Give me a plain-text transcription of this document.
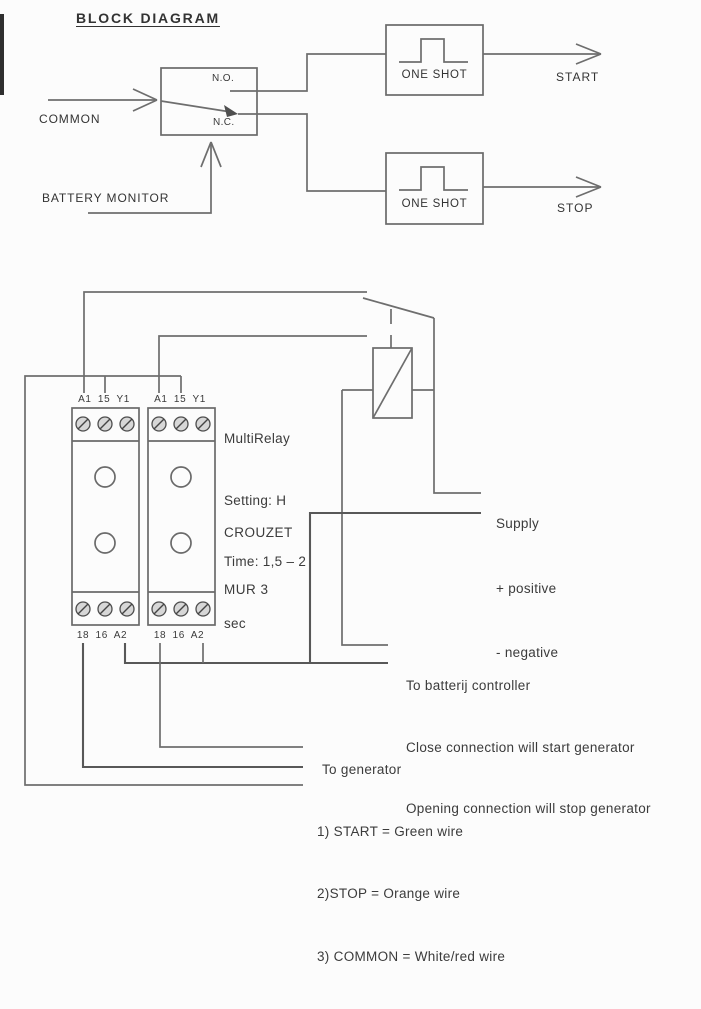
BLOCK DIAGRAM
COMMON
BATTERY MONITOR
N.O.
N.C.
ONE SHOT
ONE SHOT
START
STOP
A1 15 Y1	A1 15 Y1
18 16 A2	18 16 A2

MultiRelay

Setting: H

Time: 1,5 – 2

sec

CROUZET

MUR 3

Supply

+ positive

- negative

To batterij controller

Close connection will start generator

Opening connection will stop generator

To generator

1) START = Green wire

2)STOP = Orange wire

3) COMMON = White/red wire
